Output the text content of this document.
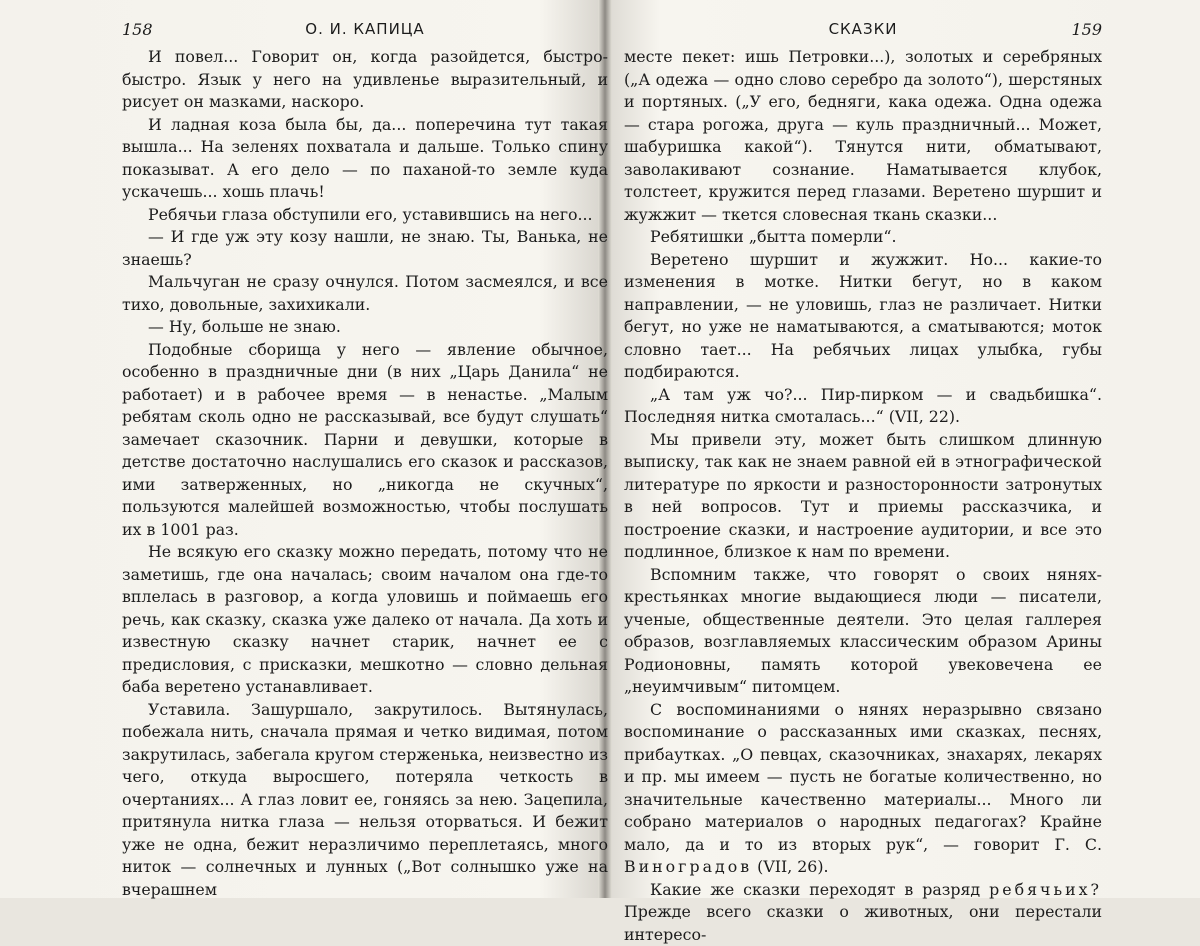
158	О. И. КАПИЦА

И повел... Говорит он, когда разойдется, быстро-быстро. Язык у него на удивленье выразительный, и рисует он мазками, наскоро.

И ладная коза была бы, да... поперечина тут такая вышла... На зеленях похватала и дальше. Только спину показыват. А его дело — по паханой-то земле куда ускачешь... хошь плачь!

Ребячьи глаза обступили его, уставившись на него...

— И где уж эту козу нашли, не знаю. Ты, Ванька, не знаешь?

Мальчуган не сразу очнулся. Потом засмеялся, и все тихо, довольные, захихикали.

— Ну, больше не знаю.

Подобные сборища у него — явление обычное, особенно в праздничные дни (в них „Царь Данила“ не работает) и в рабочее время — в ненастье. „Малым ребятам сколь одно не рассказывай, все будут слушать“ замечает сказочник. Парни и девушки, которые в детстве достаточно наслушались его сказок и рассказов, ими затверженных, но „никогда не скучных“, пользуются малейшей возможностью, чтобы послушать их в 1001 раз.

Не всякую его сказку можно передать, потому что не заметишь, где она началась; своим началом она где-то вплелась в разговор, а когда уловишь и поймаешь его речь, как сказку, сказка уже далеко от начала. Да хоть и известную сказку начнет старик, начнет ее с предисловия, с присказки, мешкотно — словно дельная баба веретено устанавливает.

Уставила. Зашуршало, закрутилось. Вытянулась, побежала нить, сначала прямая и четко видимая, потом закрутилась, забегала кругом стерженька, неизвестно из чего, откуда выросшего, потеряла четкость в очертаниях... А глаз ловит ее, гоняясь за нею. Зацепила, притянула нитка глаза — нельзя оторваться. И бежит уже не одна, бежит неразличимо переплетаясь, много ниток — солнечных и лунных („Вот солнышко уже на вчерашнем

СКАЗКИ	159

месте пекет: ишь Петровки...), золотых и серебряных („А одежа — одно слово серебро да золото“), шерстяных и портяных. („У его, бедняги, кака одежа. Одна одежа — стара рогожа, друга — куль праздничный... Может, шабуришка какой“). Тянутся нити, обматывают, заволакивают сознание. Наматывается клубок, толстеет, кружится перед глазами. Веретено шуршит и жужжит — ткется словесная ткань сказки...

Ребятишки „бытта померли“.

Веретено шуршит и жужжит. Но... какие-то изменения в мотке. Нитки бегут, но в каком направлении, — не уловишь, глаз не различает. Нитки бегут, но уже не наматываются, а сматываются; моток словно тает... На ребячьих лицах улыбка, губы подбираются.

„А там уж чо?... Пир-пирком — и свадьбишка“. Последняя нитка смоталась...“ (VII, 22).

Мы привели эту, может быть слишком длинную выписку, так как не знаем равной ей в этнографической литературе по яркости и разносторонности затронутых в ней вопросов. Тут и приемы рассказчика, и построение сказки, и настроение аудитории, и все это подлинное, близкое к нам по времени.

Вспомним также, что говорят о своих нянях-крестьянках многие выдающиеся люди — писатели, ученые, общественные деятели. Это целая галлерея образов, возглавляемых классическим образом Арины Родионовны, память которой увековечена ее „неуимчивым“ питомцем.

С воспоминаниями о нянях неразрывно связано воспоминание о рассказанных ими сказках, песнях, прибаутках. „О певцах, сказочниках, знахарях, лекарях и пр. мы имеем — пусть не богатые количественно, но значительные качественно материалы... Много ли собрано материалов о народных педагогах? Крайне мало, да и то из вторых рук“, — говорит Г. С. Виноградов (VII, 26).

Какие же сказки переходят в разряд ребячьих? Прежде всего сказки о животных, они перестали интересо-
